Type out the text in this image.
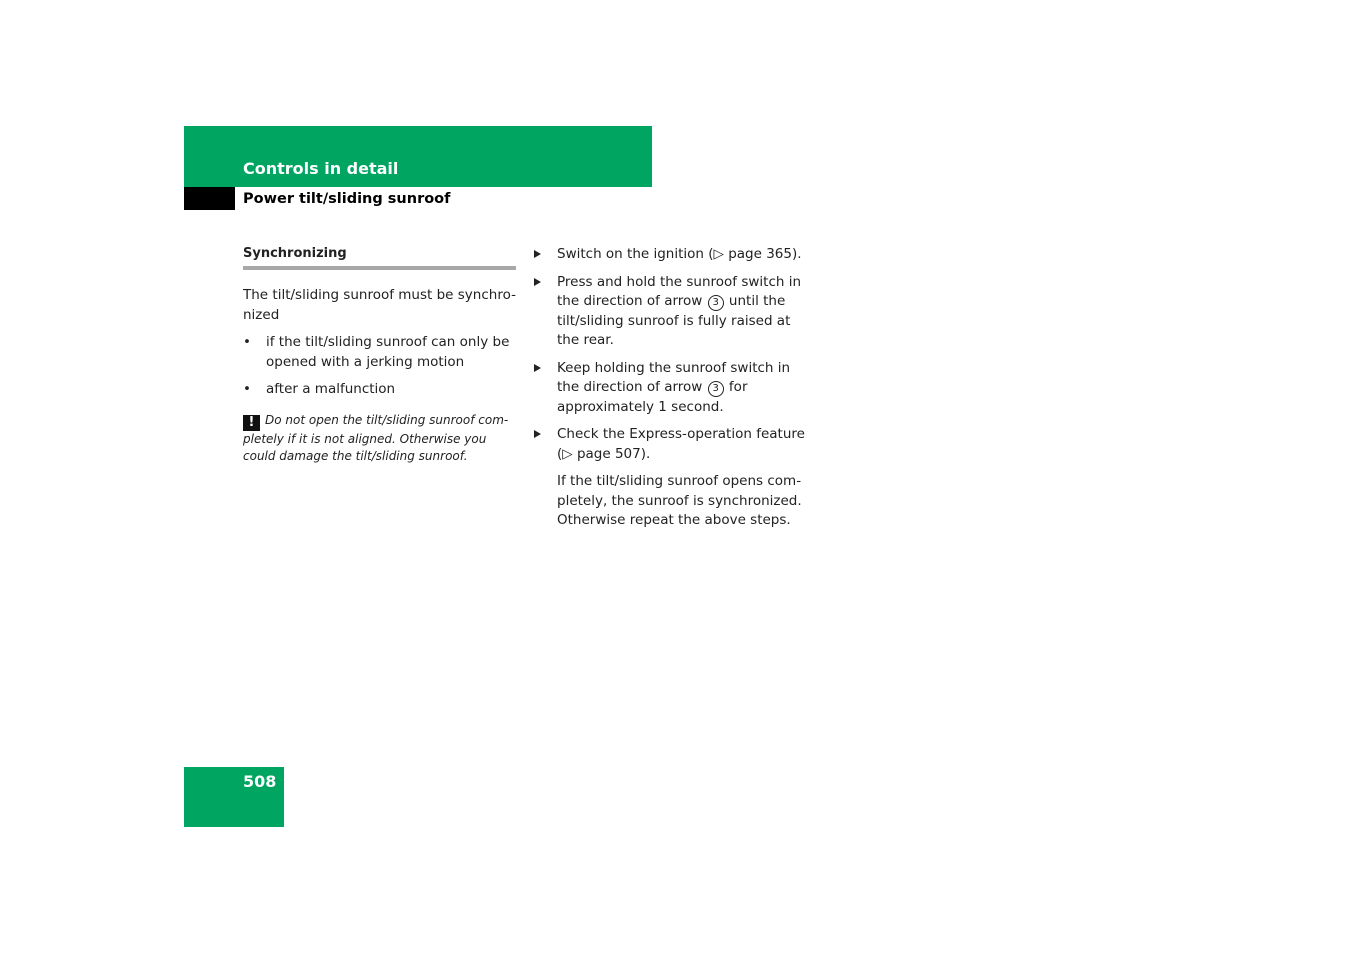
Controls in detail
Power tilt/sliding sunroof
Synchronizing

The tilt/sliding sunroof must be synchro-nized

• if the tilt/sliding sunroof can only be opened with a jerking motion
• after a malfunction
! Do not open the tilt/sliding sunroof com-pletely if it is not aligned. Otherwise you could damage the tilt/sliding sunroof.
Switch on the ignition (▷ page 365).
Press and hold the sunroof switch in the direction of arrow 3 until the tilt/sliding sunroof is fully raised at the rear.
Keep holding the sunroof switch in the direction of arrow 3 for approximately 1 second.
Check the Express-operation feature (▷ page 507).
If the tilt/sliding sunroof opens com-pletely, the sunroof is synchronized. Otherwise repeat the above steps.
508
